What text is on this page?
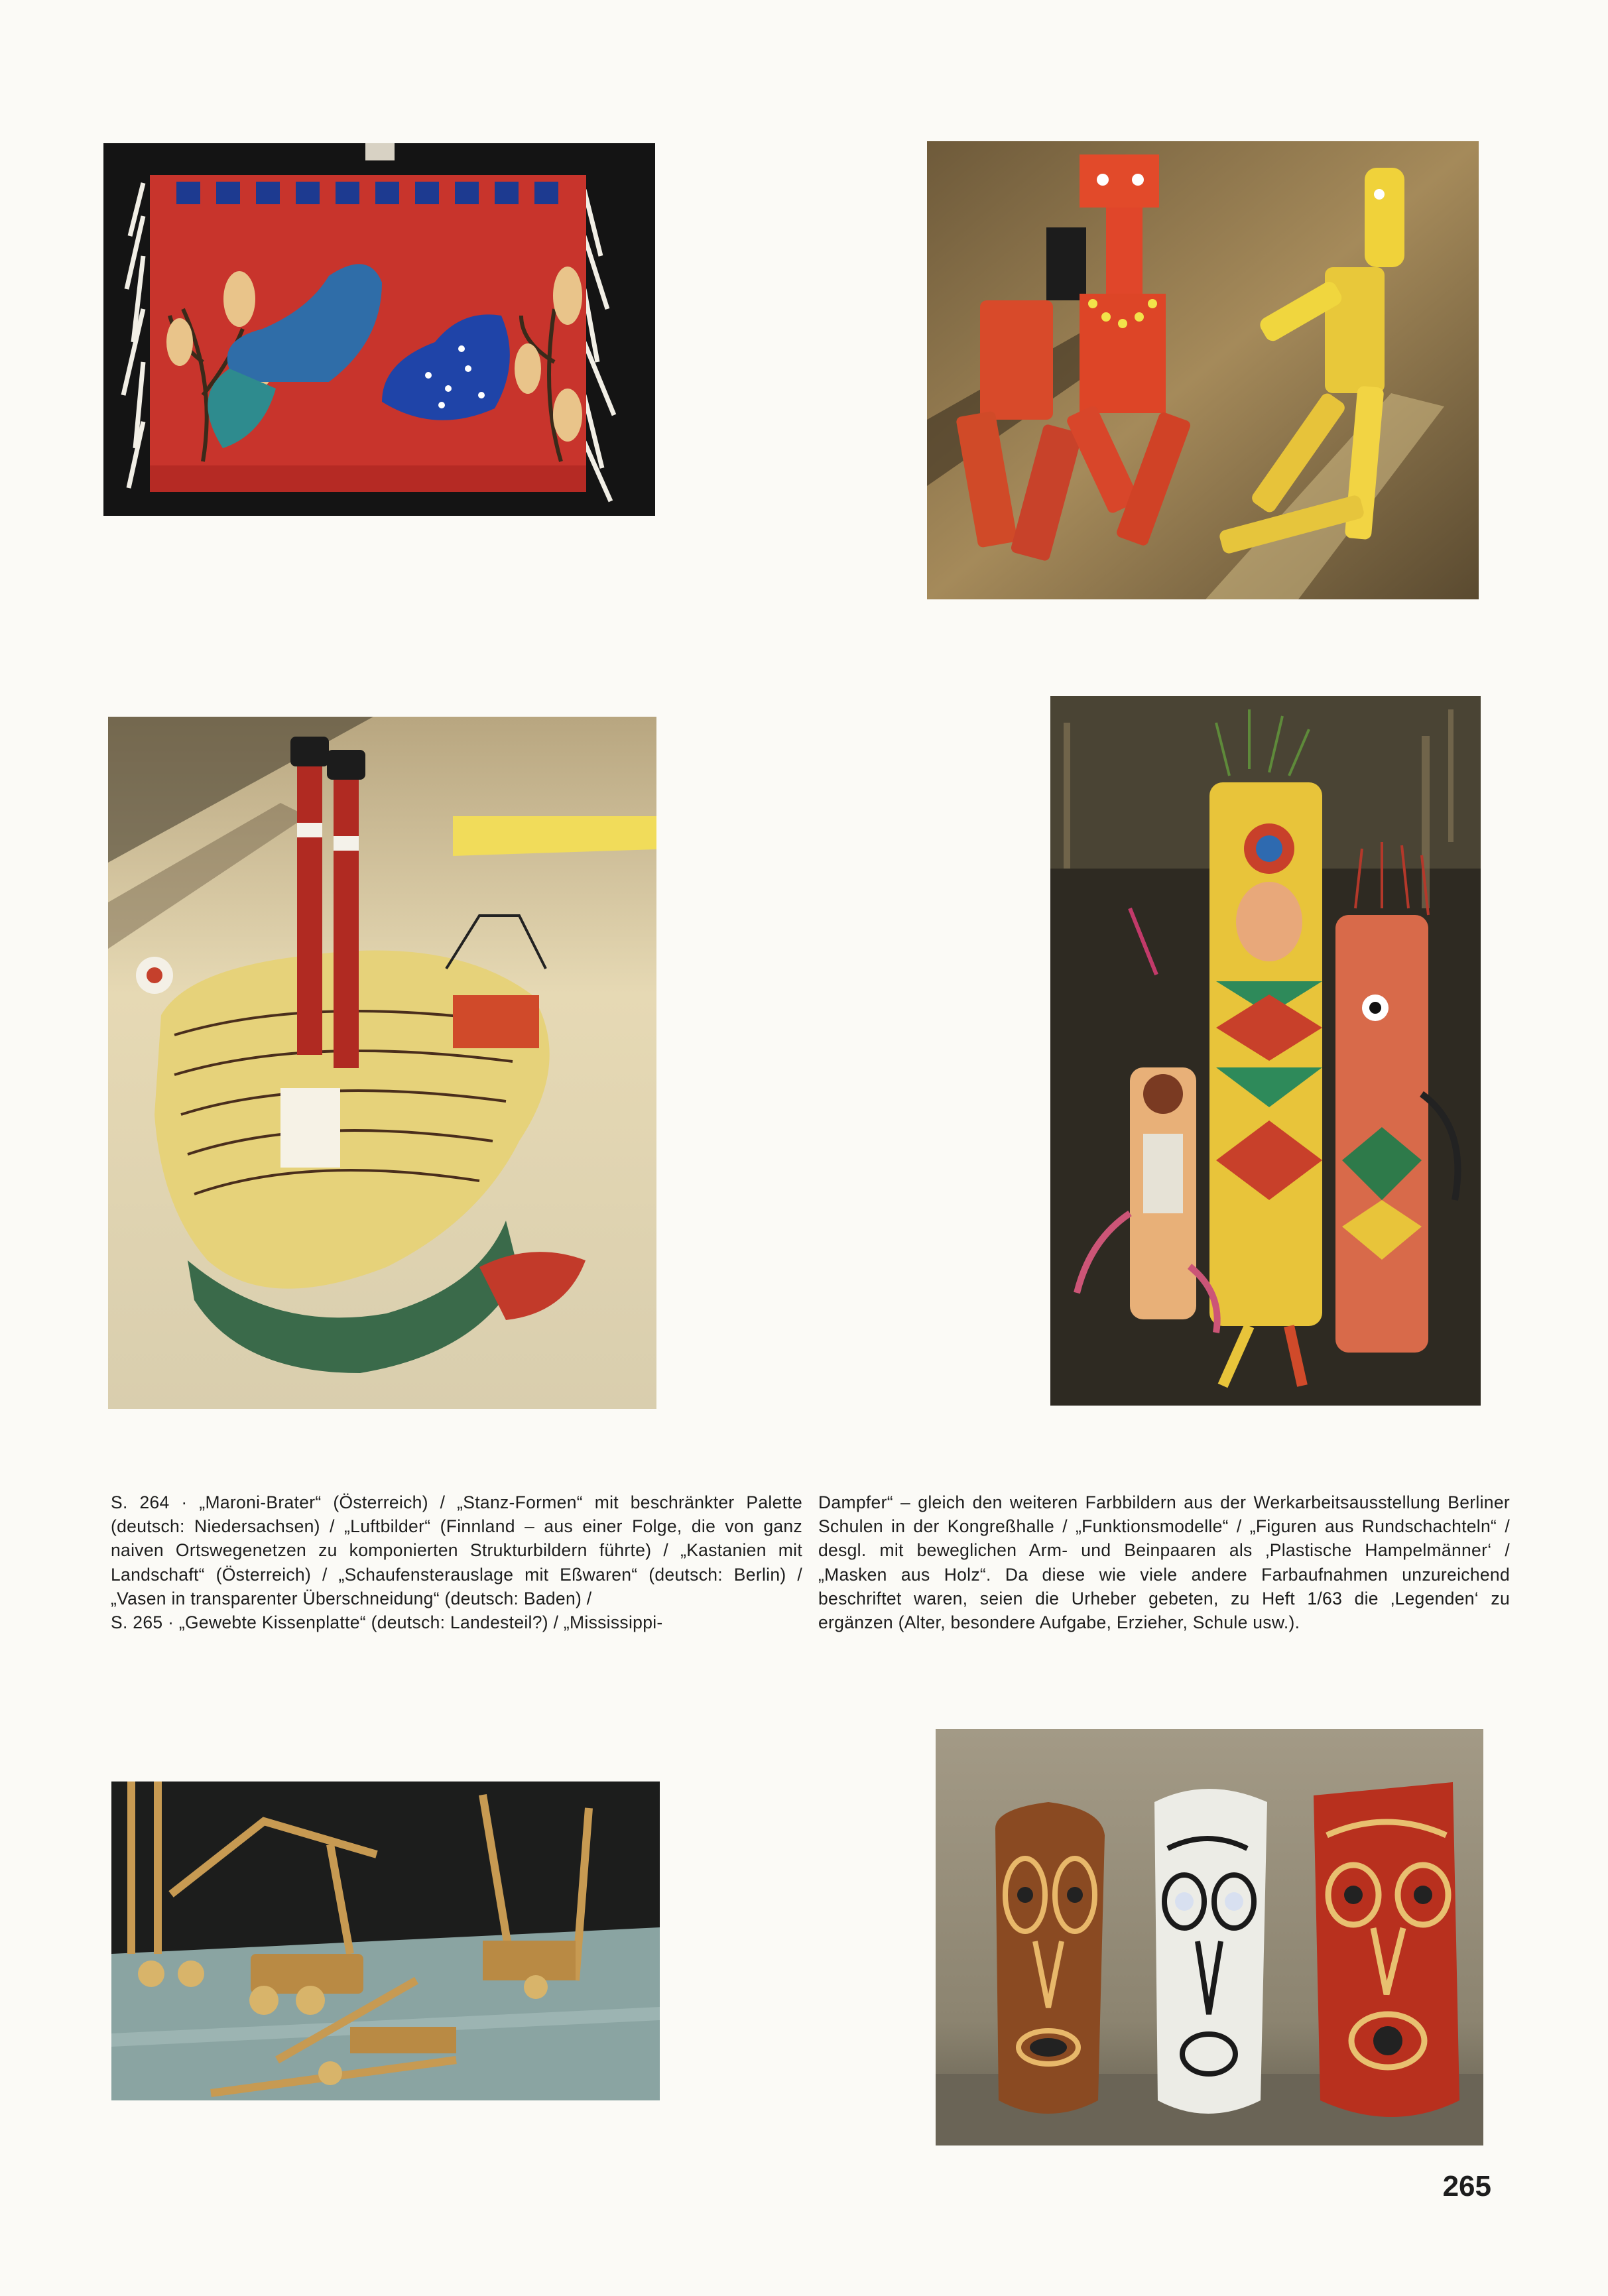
S. 264 · „Maroni-Brater“ (Österreich) / „Stanz-Formen“ mit beschränkter Palette (deutsch: Niedersachsen) / „Luftbilder“ (Finnland – aus einer Folge, die von ganz naiven Ortswegenetzen zu komponierten Strukturbildern führte) / „Kastanien mit Landschaft“ (Österreich) / „Schaufensterauslage mit Eßwaren“ (deutsch: Berlin) / „Vasen in transparenter Überschneidung“ (deutsch: Baden) /

S. 265 · „Gewebte Kissenplatte“ (deutsch: Landesteil?) / „Mississippi-

Dampfer“ – gleich den weiteren Farbbildern aus der Werkarbeitsausstellung Berliner Schulen in der Kongreßhalle / „Funktionsmodelle“ / „Figuren aus Rundschachteln“ / desgl. mit beweglichen Arm- und Beinpaaren als ‚Plastische Hampelmänner‘ / „Masken aus Holz“. Da diese wie viele andere Farbaufnahmen unzureichend beschriftet waren, seien die Urheber gebeten, zu Heft 1/63 die ‚Legenden‘ zu ergänzen (Alter, besondere Aufgabe, Erzieher, Schule usw.).

265
